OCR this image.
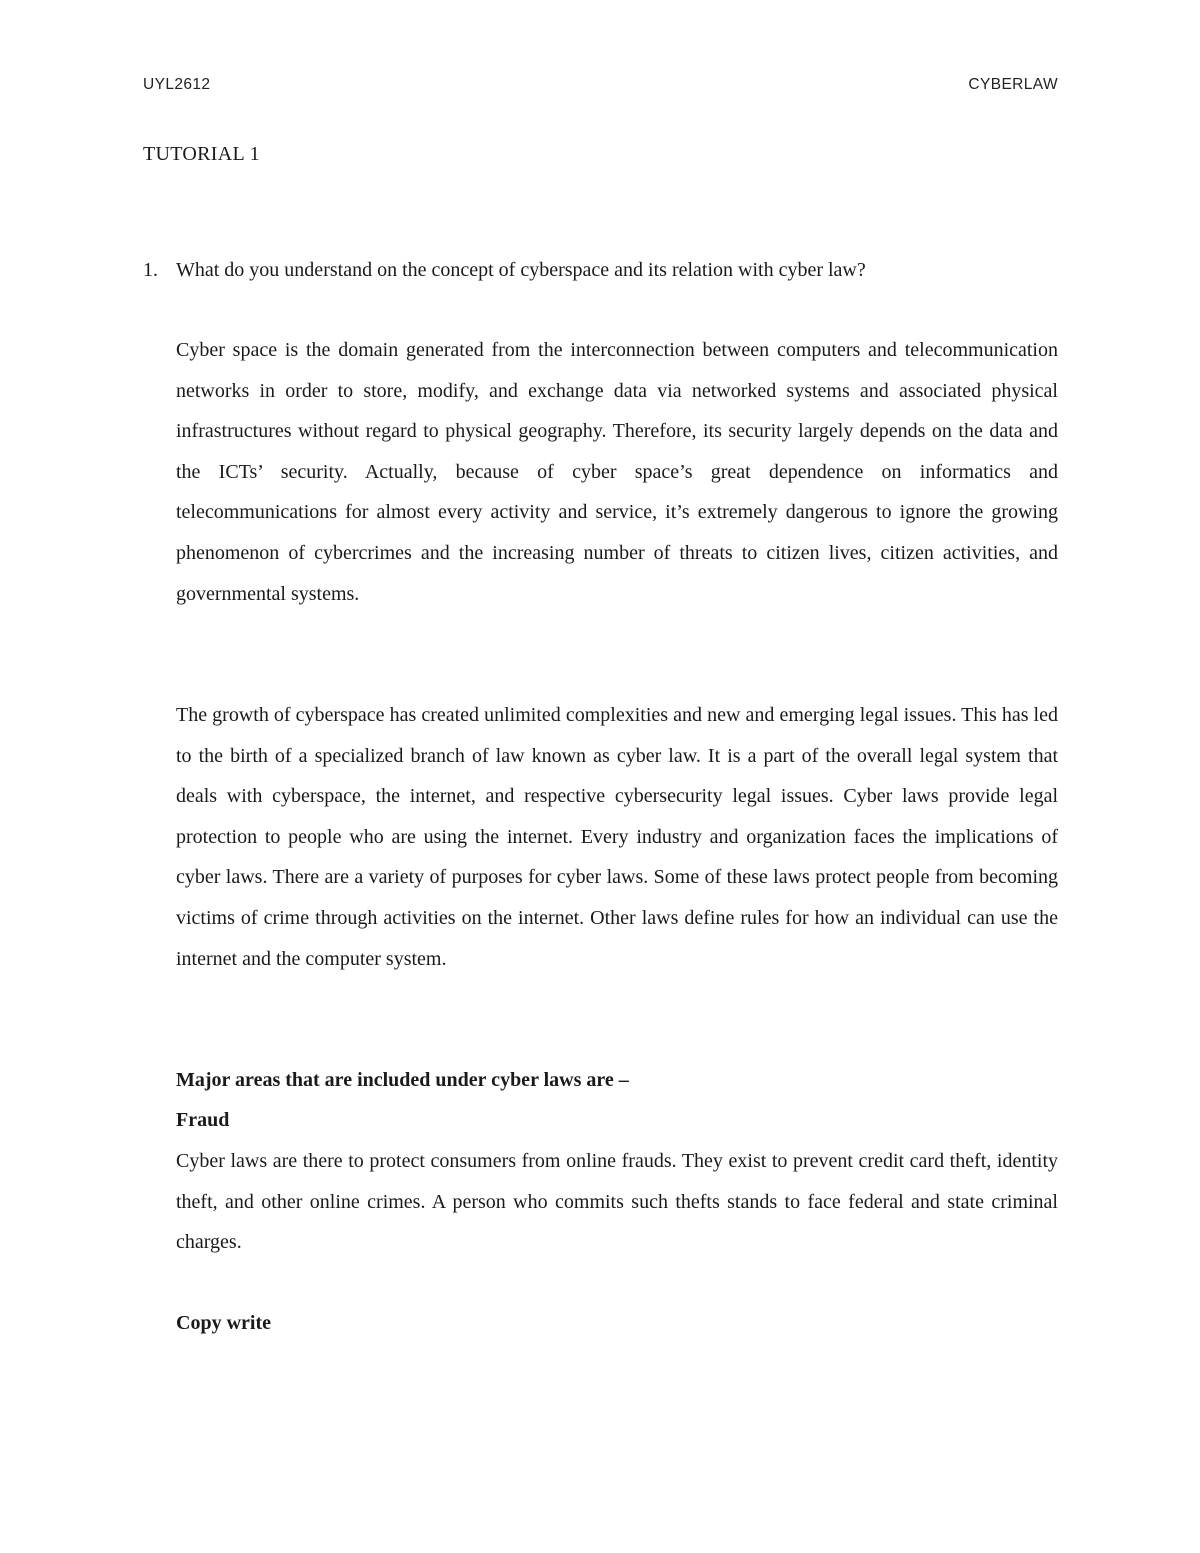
UYL2612	CYBERLAW
TUTORIAL 1
1. What do you understand on the concept of cyberspace and its relation with cyber law?

Cyber space is the domain generated from the interconnection between computers and telecommunication networks in order to store, modify, and exchange data via networked systems and associated physical infrastructures without regard to physical geography. Therefore, its security largely depends on the data and the ICTs’ security. Actually, because of cyber space’s great dependence on informatics and telecommunications for almost every activity and service, it’s extremely dangerous to ignore the growing phenomenon of cybercrimes and the increasing number of threats to citizen lives, citizen activities, and governmental systems.

The growth of cyberspace has created unlimited complexities and new and emerging legal issues. This has led to the birth of a specialized branch of law known as cyber law. It is a part of the overall legal system that deals with cyberspace, the internet, and respective cybersecurity legal issues. Cyber laws provide legal protection to people who are using the internet. Every industry and organization faces the implications of cyber laws. There are a variety of purposes for cyber laws. Some of these laws protect people from becoming victims of crime through activities on the internet. Other laws define rules for how an individual can use the internet and the computer system.

Major areas that are included under cyber laws are –
Fraud

Cyber laws are there to protect consumers from online frauds. They exist to prevent credit card theft, identity theft, and other online crimes. A person who commits such thefts stands to face federal and state criminal charges.

Copy write
